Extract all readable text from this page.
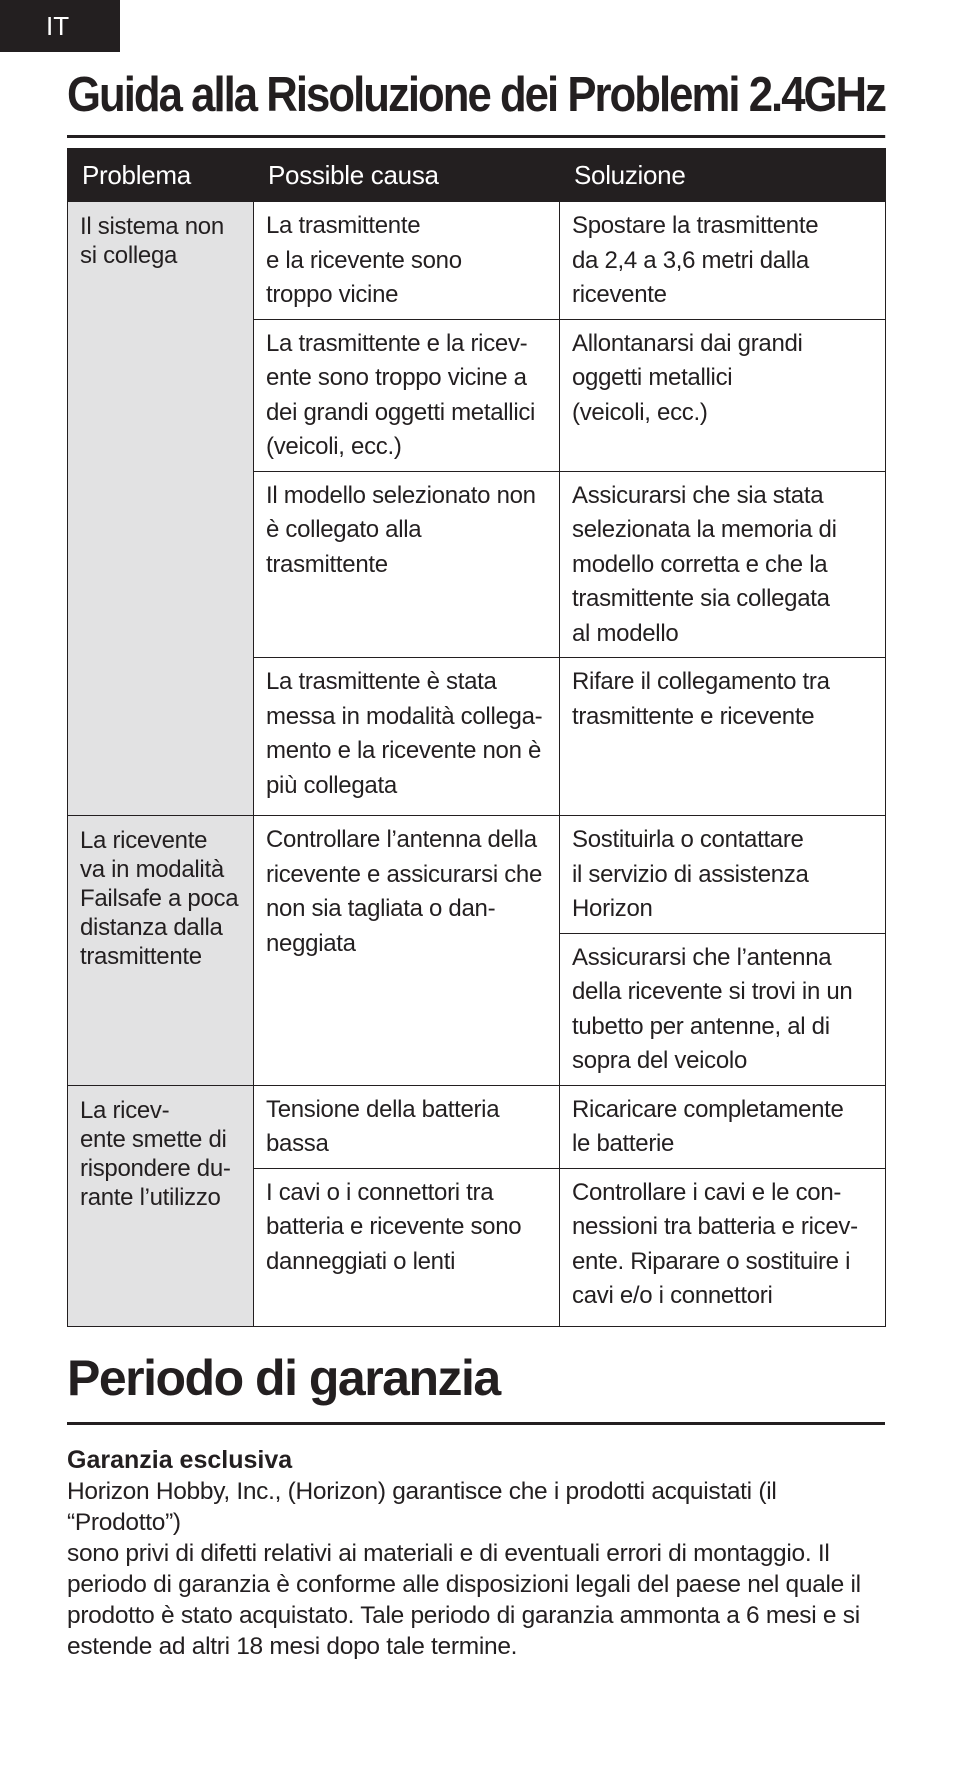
IT
Guida alla Risoluzione dei Problemi 2.4GHz
Problema	Possible causa	Soluzione

Il sistema non
si collega	La trasmittente
e la ricevente sono
troppo vicine	Spostare la trasmittente
da 2,4 a 3,6 metri dalla
ricevente

	La trasmittente e la ricev-
ente sono troppo vicine a
dei grandi oggetti metallici
(veicoli, ecc.)	Allontanarsi dai grandi
oggetti metallici
(veicoli, ecc.)

	Il modello selezionato non
è collegato alla trasmittente	Assicurarsi che sia stata
selezionata la memoria di
modello corretta e che la
trasmittente sia collegata
al modello

	La trasmittente è stata
messa in modalità collega-
mento e la ricevente non è
più collegata	Rifare il collegamento tra
trasmittente e ricevente

La ricevente
va in modalità
Failsafe a poca
distanza dalla
trasmittente	Controllare l’antenna della
ricevente e assicurarsi che
non sia tagliata o dan-
neggiata	Sostituirla o contattare
il servizio di assistenza
Horizon

		Assicurarsi che l’antenna
della ricevente si trovi in un
tubetto per antenne, al di
sopra del veicolo

La ricev-
ente smette di
rispondere du-
rante l’utilizzo	Tensione della batteria
bassa	Ricaricare completamente
le batterie

	I cavi o i connettori tra
batteria e ricevente sono
danneggiati o lenti	Controllare i cavi e le con-
nessioni tra batteria e ricev-
ente. Riparare o sostituire i
cavi e/o i connettori
Periodo di garanzia
Garanzia esclusiva
Horizon Hobby, Inc., (Horizon) garantisce che i prodotti acquistati (il “Prodotto”)
sono privi di difetti relativi ai materiali e di eventuali errori di montaggio. Il
periodo di garanzia è conforme alle disposizioni legali del paese nel quale il
prodotto è stato acquistato. Tale periodo di garanzia ammonta a 6 mesi e si
estende ad altri 18 mesi dopo tale termine.
